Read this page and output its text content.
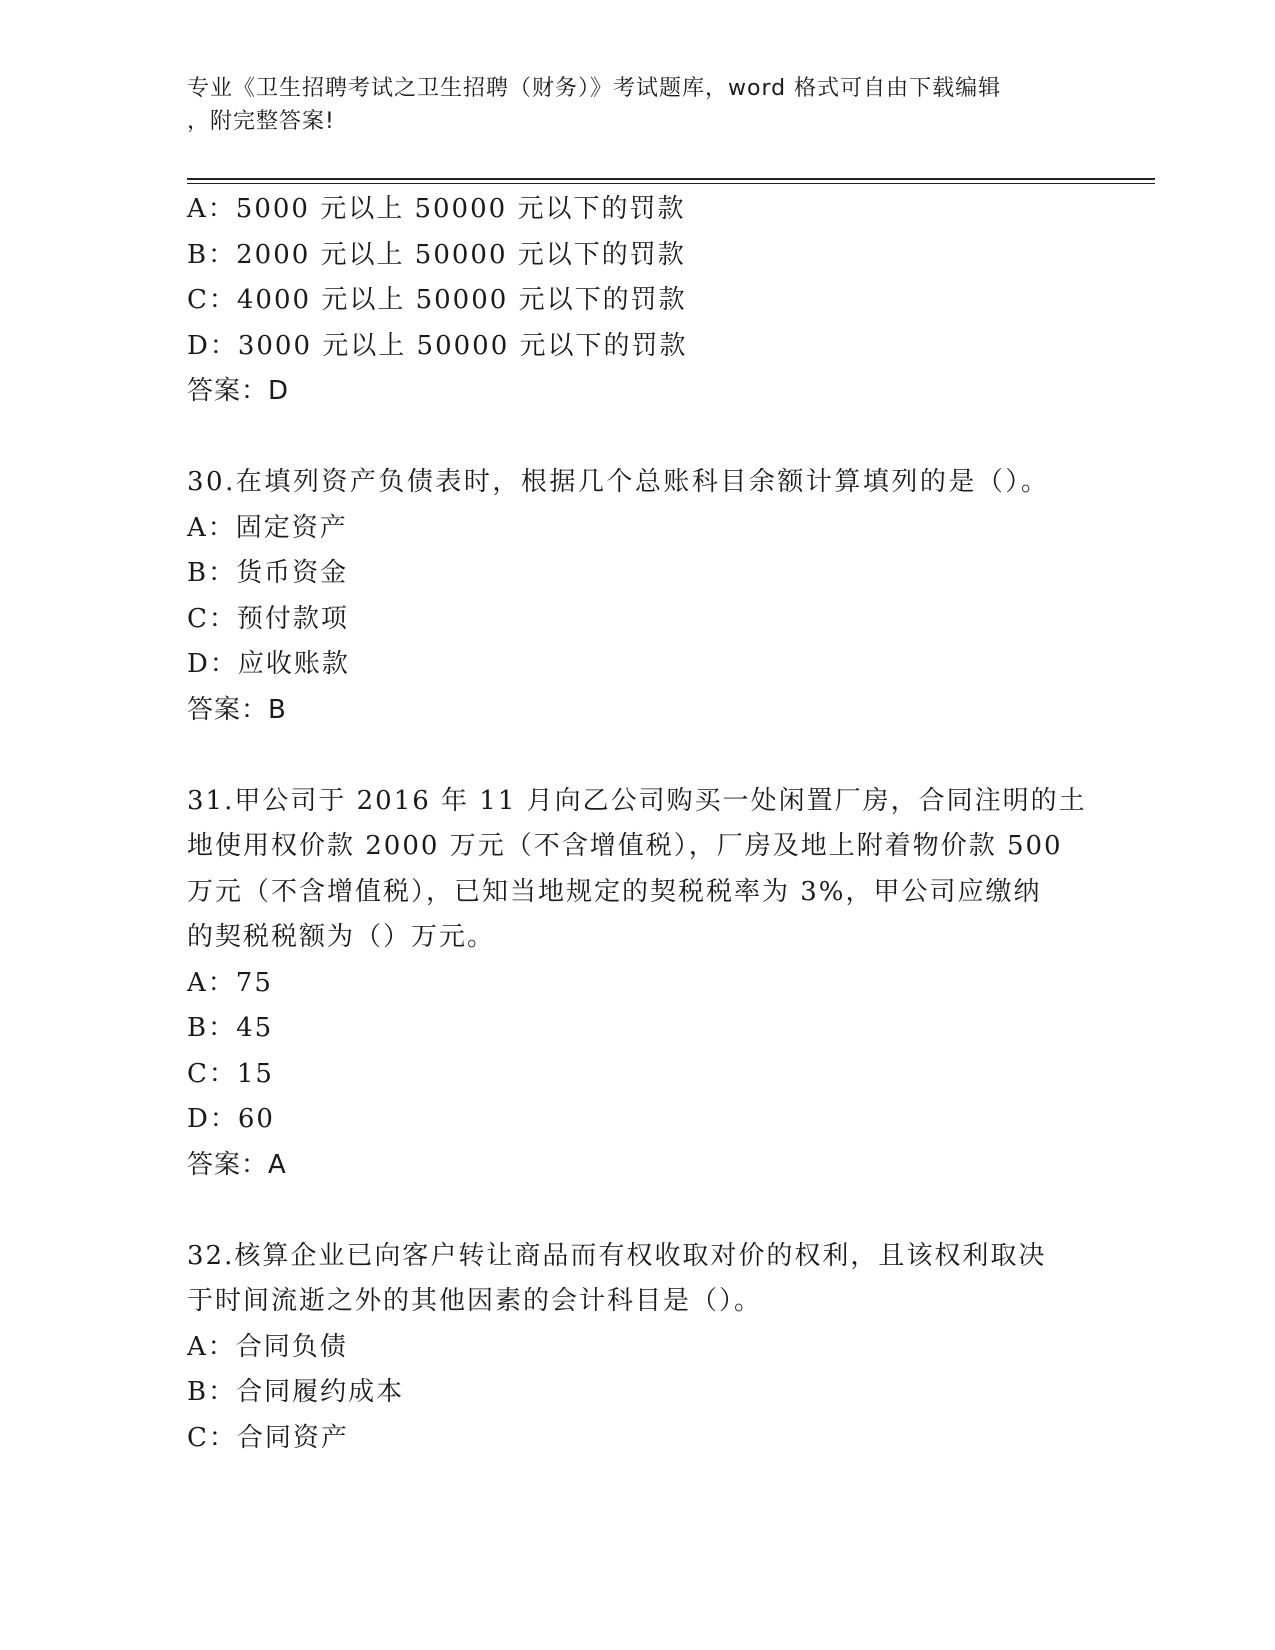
专业《卫生招聘考试之卫生招聘（财务）》考试题库，word 格式可自由下载编辑
，附完整答案!
A：5000 元以上 50000 元以下的罚款
B：2000 元以上 50000 元以下的罚款
C：4000 元以上 50000 元以下的罚款
D：3000 元以上 50000 元以下的罚款
答案：D
30.在填列资产负债表时，根据几个总账科目余额计算填列的是（）。
A：固定资产
B：货币资金
C：预付款项
D：应收账款
答案：B
31.甲公司于 2016 年 11 月向乙公司购买一处闲置厂房，合同注明的土
地使用权价款 2000 万元（不含增值税），厂房及地上附着物价款 500
万元（不含增值税），已知当地规定的契税税率为 3%，甲公司应缴纳
的契税税额为（）万元。
A：75
B：45
C：15
D：60
答案：A
32.核算企业已向客户转让商品而有权收取对价的权利，且该权利取决
于时间流逝之外的其他因素的会计科目是（）。
A：合同负债
B：合同履约成本
C：合同资产
